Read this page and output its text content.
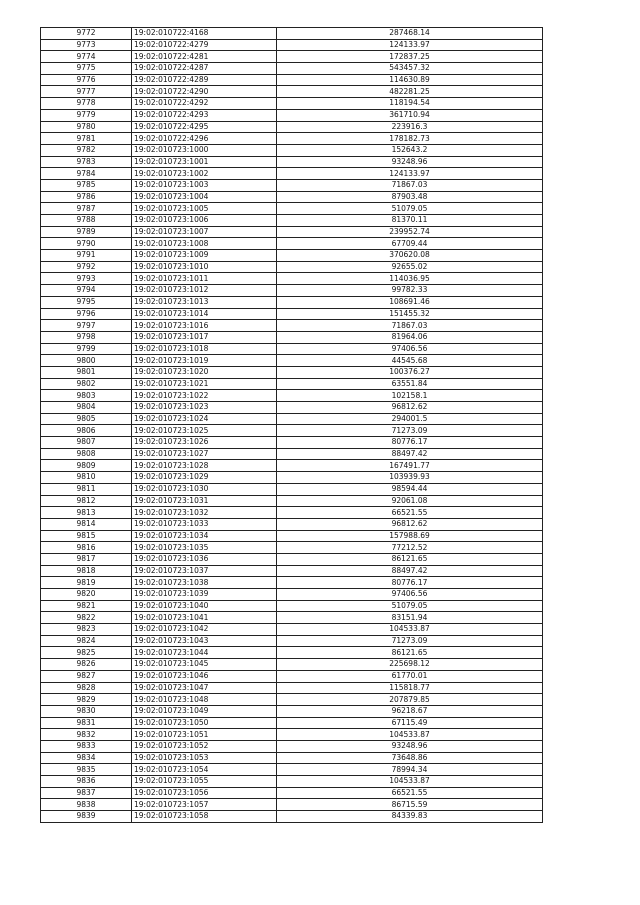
9772	19:02:010722:4168	287468.14
9773	19:02:010722:4279	124133.97
9774	19:02:010722:4281	172837.25
9775	19:02:010722:4287	543457.32
9776	19:02:010722:4289	114630.89
9777	19:02:010722:4290	482281.25
9778	19:02:010722:4292	118194.54
9779	19:02:010722:4293	361710.94
9780	19:02:010722:4295	223916.3
9781	19:02:010722:4296	178182.73
9782	19:02:010723:1000	152643.2
9783	19:02:010723:1001	93248.96
9784	19:02:010723:1002	124133.97
9785	19:02:010723:1003	71867.03
9786	19:02:010723:1004	87903.48
9787	19:02:010723:1005	51079.05
9788	19:02:010723:1006	81370.11
9789	19:02:010723:1007	239952.74
9790	19:02:010723:1008	67709.44
9791	19:02:010723:1009	370620.08
9792	19:02:010723:1010	92655.02
9793	19:02:010723:1011	114036.95
9794	19:02:010723:1012	99782.33
9795	19:02:010723:1013	108691.46
9796	19:02:010723:1014	151455.32
9797	19:02:010723:1016	71867.03
9798	19:02:010723:1017	81964.06
9799	19:02:010723:1018	97406.56
9800	19:02:010723:1019	44545.68
9801	19:02:010723:1020	100376.27
9802	19:02:010723:1021	63551.84
9803	19:02:010723:1022	102158.1
9804	19:02:010723:1023	96812.62
9805	19:02:010723:1024	294001.5
9806	19:02:010723:1025	71273.09
9807	19:02:010723:1026	80776.17
9808	19:02:010723:1027	88497.42
9809	19:02:010723:1028	167491.77
9810	19:02:010723:1029	103939.93
9811	19:02:010723:1030	98594.44
9812	19:02:010723:1031	92061.08
9813	19:02:010723:1032	66521.55
9814	19:02:010723:1033	96812.62
9815	19:02:010723:1034	157988.69
9816	19:02:010723:1035	77212.52
9817	19:02:010723:1036	86121.65
9818	19:02:010723:1037	88497.42
9819	19:02:010723:1038	80776.17
9820	19:02:010723:1039	97406.56
9821	19:02:010723:1040	51079.05
9822	19:02:010723:1041	83151.94
9823	19:02:010723:1042	104533.87
9824	19:02:010723:1043	71273.09
9825	19:02:010723:1044	86121.65
9826	19:02:010723:1045	225698.12
9827	19:02:010723:1046	61770.01
9828	19:02:010723:1047	115818.77
9829	19:02:010723:1048	207879.85
9830	19:02:010723:1049	96218.67
9831	19:02:010723:1050	67115.49
9832	19:02:010723:1051	104533.87
9833	19:02:010723:1052	93248.96
9834	19:02:010723:1053	73648.86
9835	19:02:010723:1054	78994.34
9836	19:02:010723:1055	104533.87
9837	19:02:010723:1056	66521.55
9838	19:02:010723:1057	86715.59
9839	19:02:010723:1058	84339.83
